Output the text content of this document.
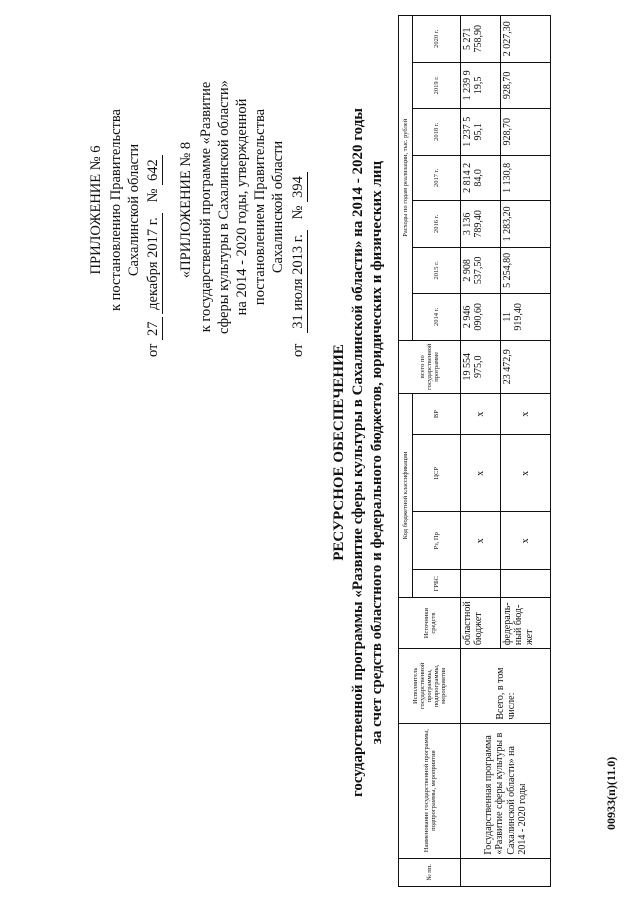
ПРИЛОЖЕНИЕ № 6 к постановлению Правительства Сахалинской области
от 27 декабря 2017 г.   № 642 «ПРИЛОЖЕНИЕ № 8 к государственной программе «Развитие сферы культуры в Сахалинской области» на 2014 - 2020 годы, утвержденной постановлением Правительства Сахалинской области
от   31 июля 2013 г.   № 394
РЕСУРСНОЕ ОБЕСПЕЧЕНИЕ государственной программы «Развитие сферы культуры в Сахалинской области» на 2014 - 2020 годы за счет средств областного и федерального бюджетов, юридических и физических лиц
№ пп.	Наименование государственной программы, подпрограммы, мероприятия	Исполнитель государственной программы, подпрограммы, мероприятия	Источники средств	Код бюджетной классификации				всего по государственной программе	Расходы по годам реализации, тыс. рублей						
				ГРБС	Рз, Пр	ЦСР	ВР		2014 г.	2015 г.	2016 г.	2017 г.	2018 г.	2019 г.	2020 г.
	Государственная программа «Развитие сферы культуры в Сахалинской области» на 2014 - 2020 годы	Всего, в том числе:	областной бюджет		х	х	х	19 554 975,0	2 946 090,60	2 908 537,50	3 136 789,40	2 814 2 84,0	1 237 5 95,1	1 239 9 19,5	5 271 758,90
			федераль-ный бюд-жет		х	х	х	23 472,9	11 919,40	5 254,80	1 283,20	1 130,8	928,70	928,70	2 027,30
00933(п)(11.0)
